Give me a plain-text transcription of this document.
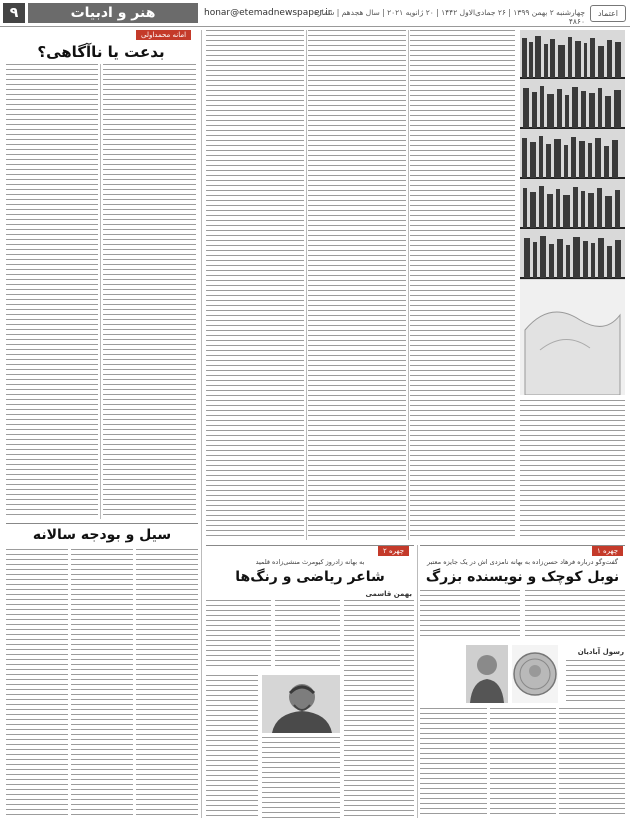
۹	هنر و ادبیات	honar@etemadnewspaper.ir
چهارشنبه ۲ بهمن ۱۳۹۹ | ۲۶ جمادی‌الاول ۱۴۴۲ | ۲۰ ژانویه ۲۰۲۱ | سال هجدهم | شماره ۴۸۶۰
اعتماد
امانه محمداولی
بدعت یا ناآگاهی؟
سیل و بودجه سالانه
چهره ۱
گفت‌وگو درباره فرهاد حسن‌زاده به بهانه نامزدی اش در یک جایزه معتبر
نوبل کوچک و نویسنده بزرگ
رسول آبادیان
چهره ۲
به بهانه زادروز کیومرث منشی‌زاده قلمید
شاعر ریاضی و رنگ‌ها
بهمن قاسمی
